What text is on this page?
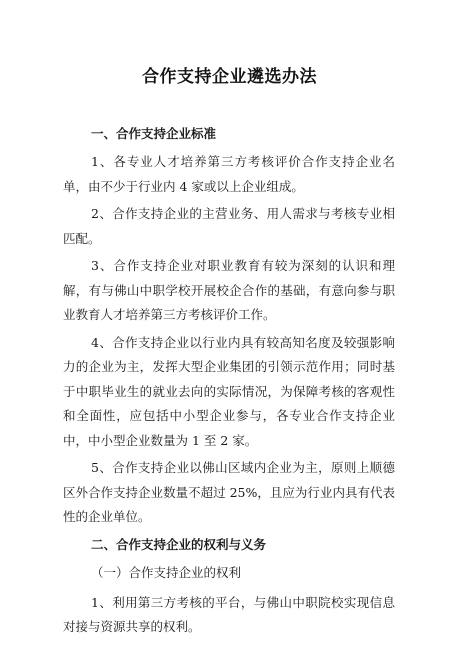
合作支持企业遴选办法
一、合作支持企业标准

1、各专业人才培养第三方考核评价合作支持企业名单，由不少于行业内 4 家或以上企业组成。

2、合作支持企业的主营业务、用人需求与考核专业相匹配。

3、合作支持企业对职业教育有较为深刻的认识和理解，有与佛山中职学校开展校企合作的基础，有意向参与职业教育人才培养第三方考核评价工作。

4、合作支持企业以行业内具有较高知名度及较强影响力的企业为主，发挥大型企业集团的引领示范作用；同时基于中职毕业生的就业去向的实际情况，为保障考核的客观性和全面性，应包括中小型企业参与，各专业合作支持企业中，中小型企业数量为 1 至 2 家。

5、合作支持企业以佛山区域内企业为主，原则上顺德区外合作支持企业数量不超过 25%，且应为行业内具有代表性的企业单位。

二、合作支持企业的权利与义务
（一）合作支持企业的权利

1、利用第三方考核的平台，与佛山中职院校实现信息对接与资源共享的权利。
